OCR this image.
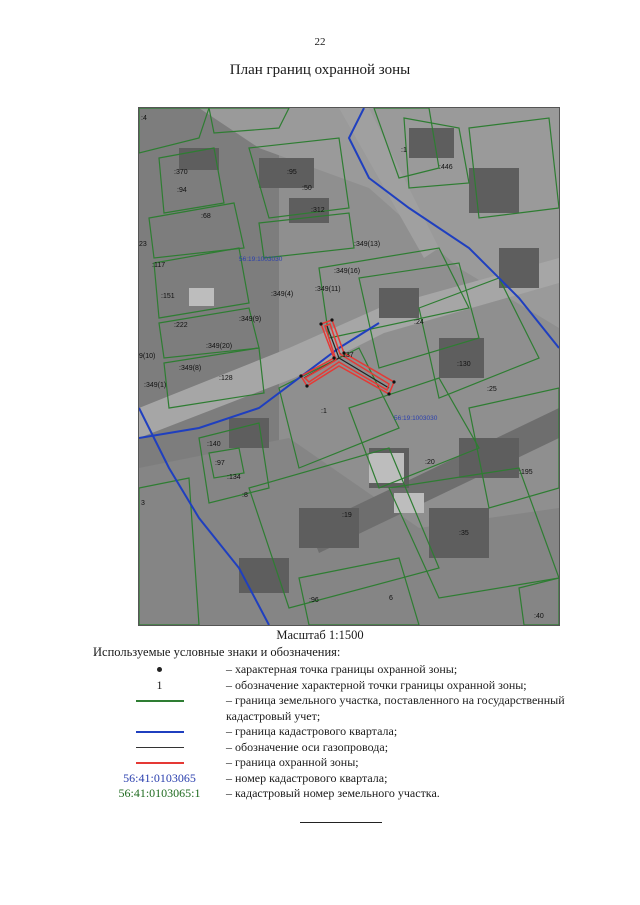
22
План границ охранной зоны
56:19:1003030
56:19:1003030
:4
:370
:94
:68
23
:117
:151
:222
9(10)
:349(1)
:349(8)
:128
:349(20)
:349(9)
:349(4)
:349(11)
:349(16)
:349(13)
:95
:50
:312
:1
:446
:24
:137
:130
:25
:1
:140
:97
:134
:8
:20
:195
3
:19
:35
:96
:40
6
Масштаб 1:1500
Используемые условные знаки и обозначения:
– характерная точка границы охранной зоны;
1	– обозначение характерной точки границы охранной зоны;
– граница земельного участка, поставленного на государственный кадастровый учет;
– граница кадастрового квартала;
– обозначение оси газопровода;
– граница охранной зоны;
56:41:0103065	– номер кадастрового квартала;
56:41:0103065:1	– кадастровый номер земельного участка.
